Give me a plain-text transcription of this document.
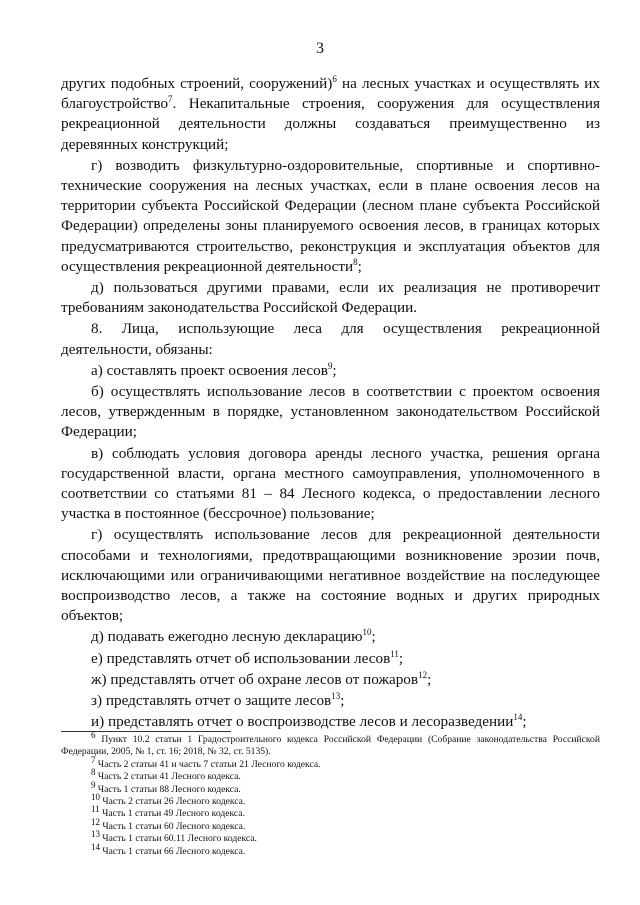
3

других подобных строений, сооружений)$^6$ на лесных участках и осуществлять их благоустройство$^7$. Некапитальные строения, сооружения для осуществления рекреационной деятельности должны создаваться преимущественно из деревянных конструкций;

г) возводить физкультурно-оздоровительные, спортивные и спортивно-технические сооружения на лесных участках, если в плане освоения лесов на территории субъекта Российской Федерации (лесном плане субъекта Российской Федерации) определены зоны планируемого освоения лесов, в границах которых предусматриваются строительство, реконструкция и эксплуатация объектов для осуществления рекреационной деятельности$^8$;

д) пользоваться другими правами, если их реализация не противоречит требованиям законодательства Российской Федерации.

8. Лица, использующие леса для осуществления рекреационной деятельности, обязаны:

а) составлять проект освоения лесов$^9$;

б) осуществлять использование лесов в соответствии с проектом освоения лесов, утвержденным в порядке, установленном законодательством Российской Федерации;

в) соблюдать условия договора аренды лесного участка, решения органа государственной власти, органа местного самоуправления, уполномоченного в соответствии со статьями 81 – 84 Лесного кодекса, о предоставлении лесного участка в постоянное (бессрочное) пользование;

г) осуществлять использование лесов для рекреационной деятельности способами и технологиями, предотвращающими возникновение эрозии почв, исключающими или ограничивающими негативное воздействие на последующее воспроизводство лесов, а также на состояние водных и других природных объектов;

д) подавать ежегодно лесную декларацию$^{10}$;

е) представлять отчет об использовании лесов$^{11}$;

ж) представлять отчет об охране лесов от пожаров$^{12}$;

з) представлять отчет о защите лесов$^{13}$;

и) представлять отчет о воспроизводстве лесов и лесоразведении$^{14}$;

$^6$ Пункт 10.2 статьи 1 Градостроительного кодекса Российской Федерации (Собрание законодательства Российской Федерации, 2005, № 1, ст. 16; 2018, № 32, ст. 5135).

$^7$ Часть 2 статьи 41 и часть 7 статьи 21 Лесного кодекса.

$^8$ Часть 2 статьи 41 Лесного кодекса.

$^9$ Часть 1 статьи 88 Лесного кодекса.

$^{10}$ Часть 2 статьи 26 Лесного кодекса.

$^{11}$ Часть 1 статьи 49 Лесного кодекса.

$^{12}$ Часть 1 статьи 60 Лесного кодекса.

$^{13}$ Часть 1 статьи 60.11 Лесного кодекса.

$^{14}$ Часть 1 статьи 66 Лесного кодекса.
